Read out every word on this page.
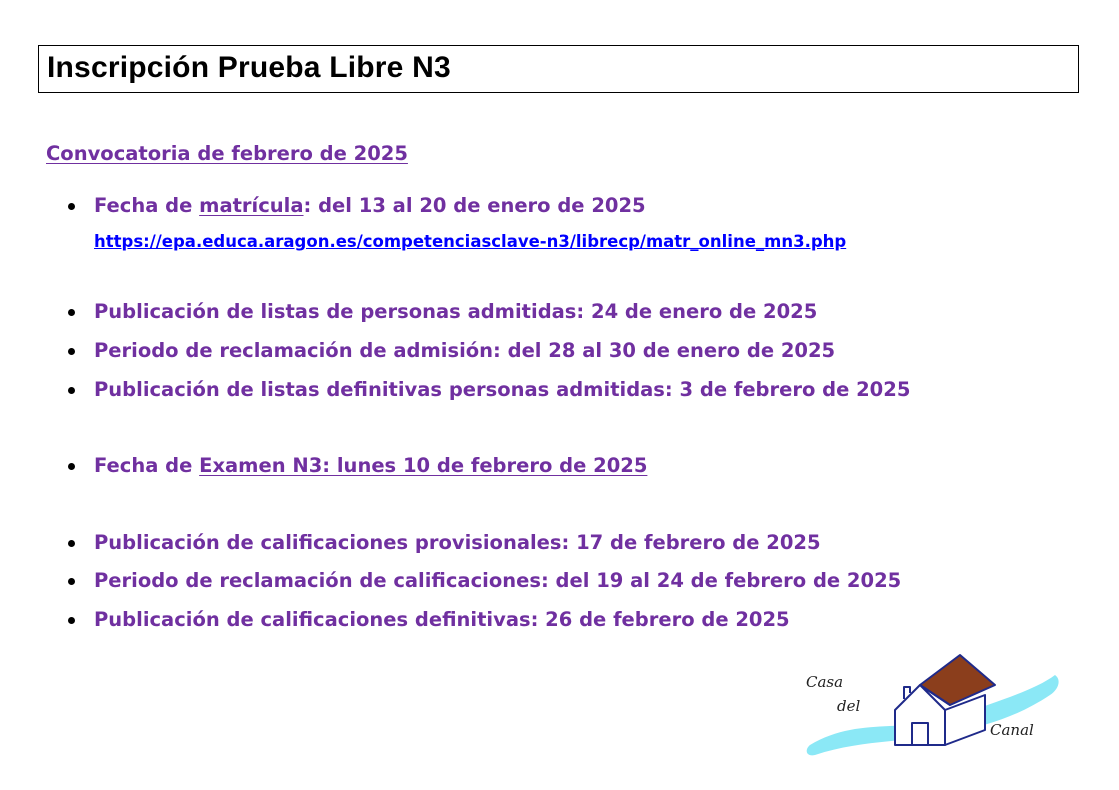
Inscripción Prueba Libre N3
Convocatoria de febrero de 2025
Fecha de matrícula: del 13 al 20 de enero de 2025
https://epa.educa.aragon.es/competenciasclave-n3/librecp/matr_online_mn3.php
Publicación de listas de personas admitidas: 24 de enero de 2025
Periodo de reclamación de admisión: del 28 al 30 de enero de 2025
Publicación de listas definitivas personas admitidas: 3 de febrero de 2025
Fecha de Examen N3: lunes 10 de febrero de 2025
Publicación de calificaciones provisionales: 17 de febrero de 2025
Periodo de reclamación de calificaciones: del 19 al 24 de febrero de 2025
Publicación de calificaciones definitivas: 26 de febrero de 2025
Casa
del
Canal
